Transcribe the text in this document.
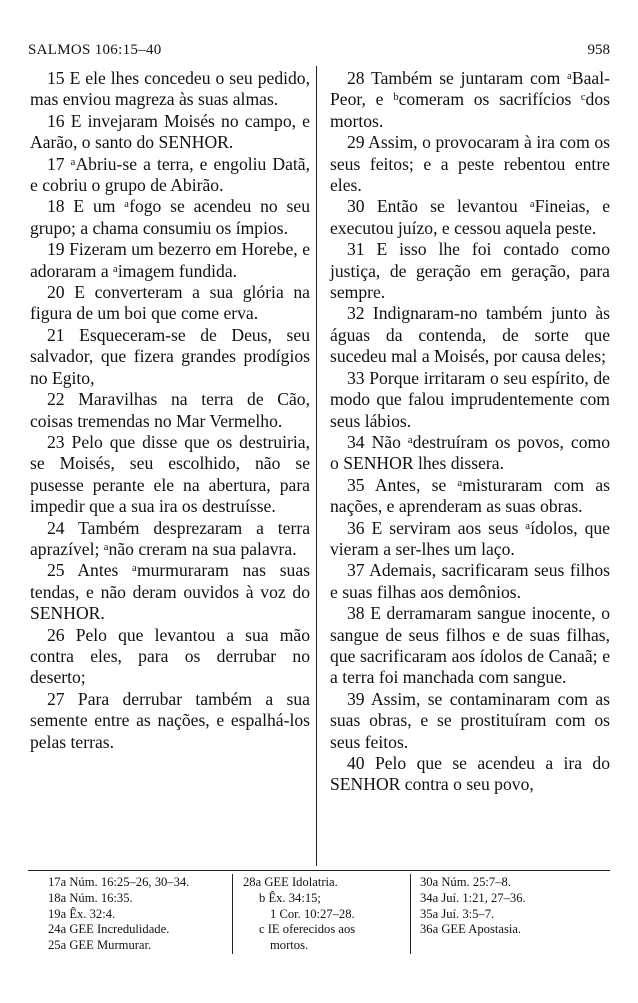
SALMOS 106:15–40	958

15 E ele lhes concedeu o seu pedido, mas enviou magreza às suas almas.

16 E invejaram Moisés no campo, e Aarão, o santo do SENHOR.

17 ᵃAbriu-se a terra, e engoliu Datã, e cobriu o grupo de Abirão.

18 E um ᵃfogo se acendeu no seu grupo; a chama consumiu os ímpios.

19 Fizeram um bezerro em Horebe, e adoraram a ᵃimagem fundida.

20 E converteram a sua glória na figura de um boi que come erva.

21 Esqueceram-se de Deus, seu salvador, que fizera grandes prodígios no Egito,

22 Maravilhas na terra de Cão, coisas tremendas no Mar Vermelho.

23 Pelo que disse que os destruiria, se Moisés, seu escolhido, não se pusesse perante ele na abertura, para impedir que a sua ira os destruísse.

24 Também desprezaram a terra aprazível; ᵃnão creram na sua palavra.

25 Antes ᵃmurmuraram nas suas tendas, e não deram ouvidos à voz do SENHOR.

26 Pelo que levantou a sua mão contra eles, para os derrubar no deserto;

27 Para derrubar também a sua semente entre as nações, e espalhá-los pelas terras.

28 Também se juntaram com ᵃBaal-Peor, e ᵇcomeram os sacrifícios ᶜdos mortos.

29 Assim, o provocaram à ira com os seus feitos; e a peste rebentou entre eles.

30 Então se levantou ᵃFineias, e executou juízo, e cessou aquela peste.

31 E isso lhe foi contado como justiça, de geração em geração, para sempre.

32 Indignaram-no também junto às águas da contenda, de sorte que sucedeu mal a Moisés, por causa deles;

33 Porque irritaram o seu espírito, de modo que falou imprudentemente com seus lábios.

34 Não ᵃdestruíram os povos, como o SENHOR lhes dissera.

35 Antes, se ᵃmisturaram com as nações, e aprenderam as suas obras.

36 E serviram aos seus ᵃídolos, que vieram a ser-lhes um laço.

37 Ademais, sacrificaram seus filhos e suas filhas aos demônios.

38 E derramaram sangue inocente, o sangue de seus filhos e de suas filhas, que sacrificaram aos ídolos de Canaã; e a terra foi manchada com sangue.

39 Assim, se contaminaram com as suas obras, e se prostituíram com os seus feitos.

40 Pelo que se acendeu a ira do SENHOR contra o seu povo,

17a Núm. 16:25–26, 30–34.
18a Núm. 16:35.
19a Êx. 32:4.
24a GEE Incredulidade.
25a GEE Murmurar.
28a GEE Idolatria.
b Êx. 34:15;
1 Cor. 10:27–28.
c IE oferecidos aos
mortos.
30a Núm. 25:7–8.
34a Juí. 1:21, 27–36.
35a Juí. 3:5–7.
36a GEE Apostasia.
